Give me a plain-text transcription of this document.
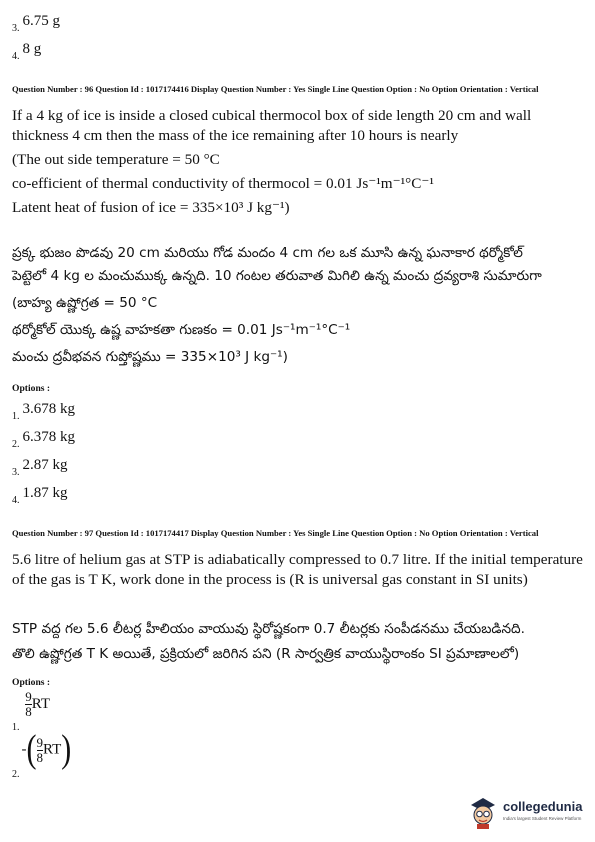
3. 6.75 g
4. 8 g
Question Number : 96 Question Id : 1017174416 Display Question Number : Yes Single Line Question Option : No Option Orientation : Vertical
If a 4 kg of ice is inside a closed cubical thermocol box of side length 20 cm and wall
thickness 4 cm then the mass of the ice remaining after 10 hours is nearly
(The out side temperature = 50 °C
co-efficient of thermal conductivity of thermocol = 0.01 Js⁻¹m⁻¹°C⁻¹
Latent heat of fusion of ice = 335×10³ J kg⁻¹)
ప్రక్క భుజం పొడవు 20 cm మరియు గోడ మందం 4 cm గల ఒక మూసి ఉన్న ఘనాకార థర్మోకోల్
పెట్టెలో 4 kg ల మంచుముక్క ఉన్నది. 10 గంటల తరువాత మిగిలి ఉన్న మంచు ద్రవ్యరాశి సుమారుగా
(బాహ్య ఉష్ణోగ్రత = 50 °C
థర్మోకోల్ యొక్క ఉష్ణ వాహకతా గుణకం = 0.01 Js⁻¹m⁻¹°C⁻¹
మంచు ద్రవీభవన గుప్తోష్ణము = 335×10³ J kg⁻¹)
Options :
1. 3.678 kg
2. 6.378 kg
3. 2.87 kg
4. 1.87 kg
Question Number : 97 Question Id : 1017174417 Display Question Number : Yes Single Line Question Option : No Option Orientation : Vertical
5.6 litre of helium gas at STP is adiabatically compressed to 0.7 litre. If the initial temperature
of the gas is T K, work done in the process is (R is universal gas constant in SI units)
STP వద్ద గల 5.6 లీటర్ల హీలియం వాయువు స్థిరోష్ణకంగా 0.7 లీటర్లకు సంపీడనము చేయబడినది.
తొలి ఉష్ణోగ్రత T K అయితే, ప్రక్రియలో జరిగిన పని (R సార్వత్రిక వాయుస్థిరాంకం SI ప్రమాణాలలో)
Options :
$_{1.}$
$\frac{9}{8}$ RT
$_{2.}-( \frac{9}{8} RT)$
collegedunia
India's largest Student Review Platform
